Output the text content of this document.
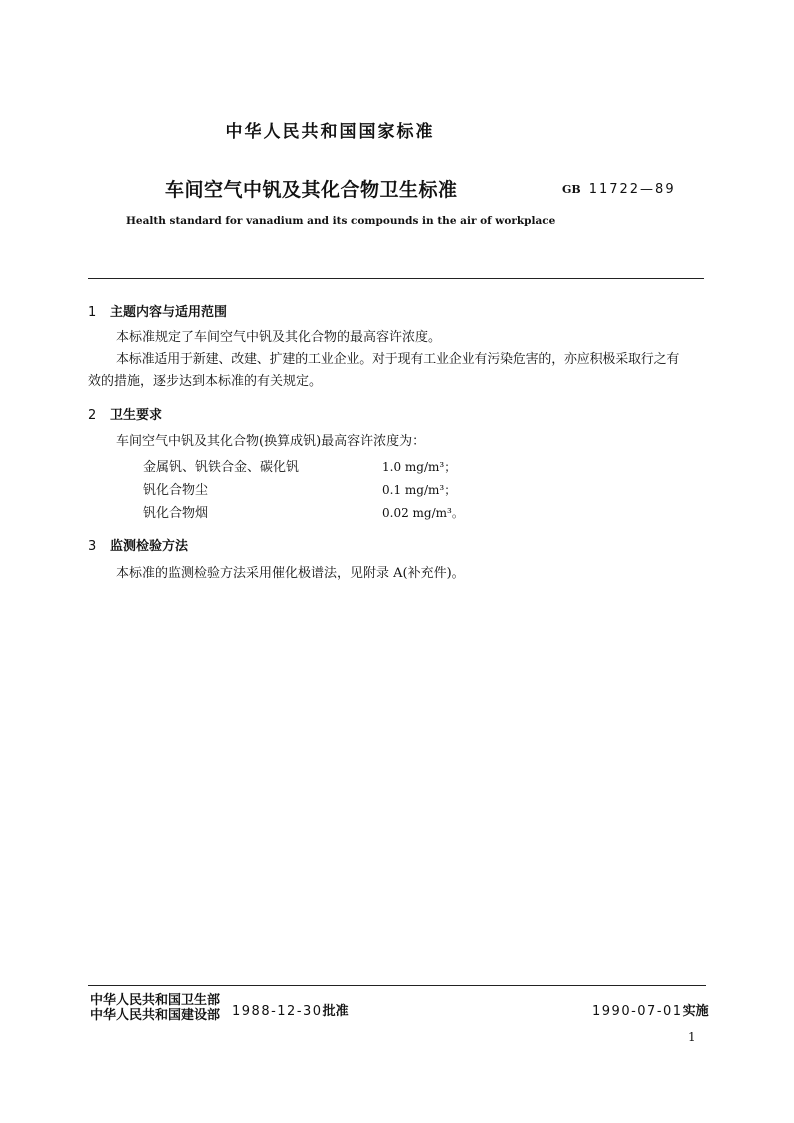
中华人民共和国国家标准
车间空气中钒及其化合物卫生标准	GB 11722—89
Health standard for vanadium and its compounds in the air of workplace
1 主题内容与适用范围
本标准规定了车间空气中钒及其化合物的最高容许浓度。
本标准适用于新建、改建、扩建的工业企业。对于现有工业企业有污染危害的，亦应积极采取行之有
效的措施，逐步达到本标准的有关规定。
2 卫生要求
车间空气中钒及其化合物(换算成钒)最高容许浓度为：
金属钒、钒铁合金、碳化钒	1.0 mg/m³；
钒化合物尘	0.1 mg/m³；
钒化合物烟	0.02 mg/m³。
3 监测检验方法
本标准的监测检验方法采用催化极谱法，见附录 A(补充件)。
中华人民共和国卫生部
中华人民共和国建设部 1988-12-30批准	1990-07-01实施
1
